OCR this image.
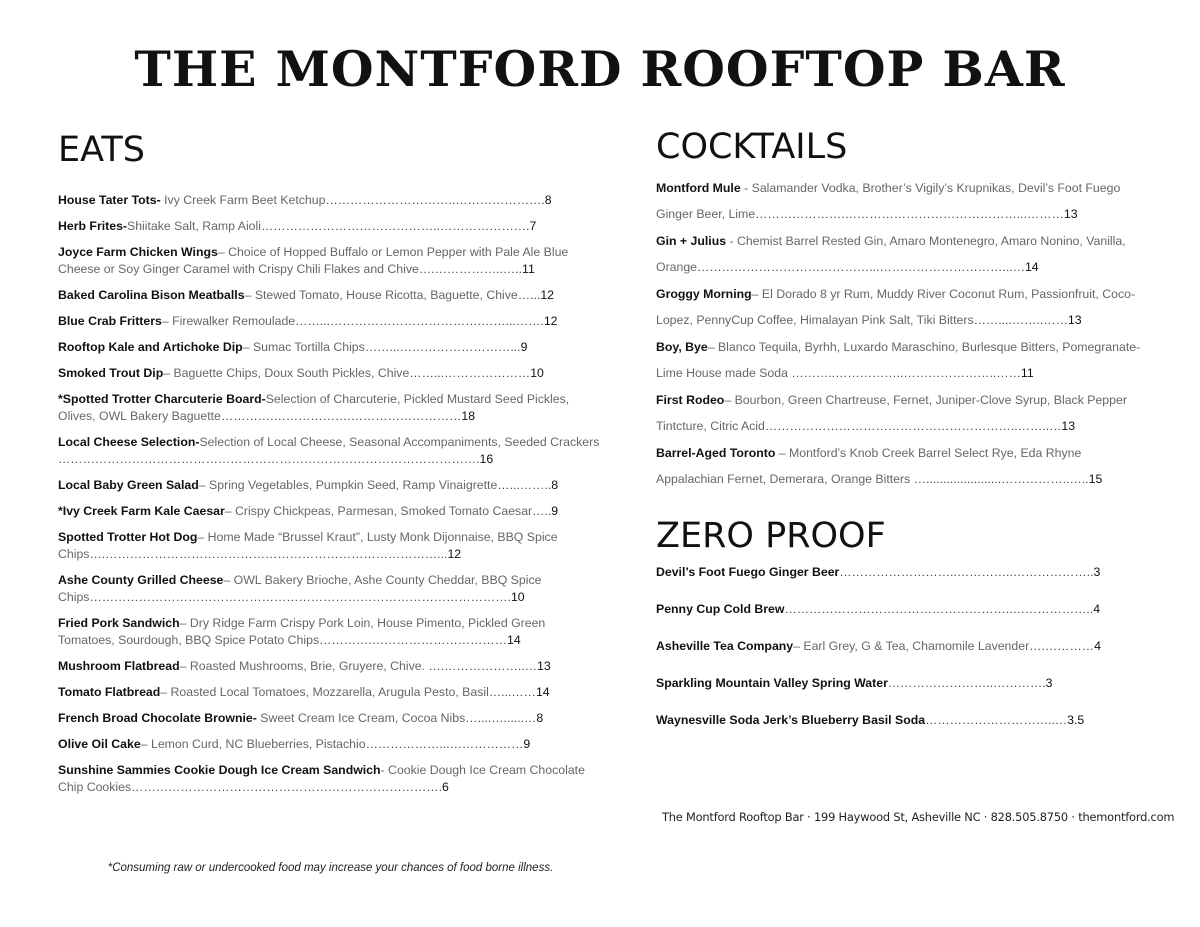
THE MONTFORD ROOFTOP BAR
EATS
House Tater Tots- Ivy Creek Farm Beet Ketchup…………………………..………………….8
Herb Frites-Shiitake Salt, Ramp Aioli……………………………………..………………….7
Joyce Farm Chicken Wings– Choice of Hopped Buffalo or Lemon Pepper with Pale Ale Blue Cheese or Soy Ginger Caramel with Crispy Chili Flakes and Chive….……………..…..11
Baked Carolina Bison Meatballs– Stewed Tomato, House Ricotta, Baguette, Chive…...12
Blue Crab Fritters– Firewalker Remoulade……...……………………………….……...…….12
Rooftop Kale and Artichoke Dip– Sumac Tortilla Chips……...………………………...9
Smoked Trout Dip– Baguette Chips, Doux South Pickles, Chive……...…………………10
*Spotted Trotter Charcuterie Board-Selection of Charcuterie, Pickled Mustard Seed Pickles, Olives, OWL Bakery Baguette………….……………….………………………18
Local Cheese Selection-Selection of Local Cheese, Seasonal Accompaniments, Seeded Crackers ………………………………………………………………………………………….16
Local Baby Green Salad– Spring Vegetables, Pumpkin Seed, Ramp Vinaigrette…...……..8
*Ivy Creek Farm Kale Caesar– Crispy Chickpeas, Parmesan, Smoked Tomato Caesar…..9
Spotted Trotter Hot Dog– Home Made “Brussel Kraut”, Lusty Monk Dijonnaise, BBQ Spice Chips….………………………………………………………………………...12
Ashe County Grilled Cheese– OWL Bakery Brioche, Ashe County Cheddar, BBQ Spice Chips………………………………………………………………………………………….10
Fried Pork Sandwich– Dry Ridge Farm Crispy Pork Loin, House Pimento, Pickled Green Tomatoes, Sourdough, BBQ Spice Potato Chips………….……………………………14
Mushroom Flatbread– Roasted Mushrooms, Brie, Gruyere, Chive. ….………………..…13
Tomato Flatbread– Roasted Local Tomatoes, Mozzarella, Arugula Pesto, Basil…...……14
French Broad Chocolate Brownie- Sweet Cream Ice Cream, Cocoa Nibs…....…......…8
Olive Oil Cake– Lemon Curd, NC Blueberries, Pistachio………………...………………9
Sunshine Sammies Cookie Dough Ice Cream Sandwich- Cookie Dough Ice Cream Chocolate Chip Cookies………………………………………………………………….6
COCKTAILS
Montford Mule - Salamander Vodka, Brother’s Vigily’s Krupnikas, Devil’s Foot Fuego Ginger Beer, Lime………………….……………………………………...………13
Gin + Julius - Chemist Barrel Rested Gin, Amaro Montenegro, Amaro Nonino, Vanilla, Orange……………………………………...…………………………...…14
Groggy Morning– El Dorado 8 yr Rum, Muddy River Coconut Rum, Passionfruit, Coco-Lopez, PennyCup Coffee, Himalayan Pink Salt, Tiki Bitters……....……..……13
Boy, Bye– Blanco Tequila, Byrhh, Luxardo Maraschino, Burlesque Bitters, Pomegranate-Lime House made Soda ………..……………..…………………..……11
First Rodeo– Bourbon, Green Chartreuse, Fernet, Juniper-Clove Syrup, Black Pepper Tintcture, Citric Acid……………………………………………………..……..…13
Barrel-Aged Toronto – Montford’s Knob Creek Barrel Select Rye, Eda Rhyne Appalachian Fernet, Demerara, Orange Bitters …......................……………..…..15
ZERO PROOF
Devil’s Foot Fuego Ginger Beer………………………..…………..………………..3
Penny Cup Cold Brew………………………………………………..………………..4
Asheville Tea Company– Earl Grey, G & Tea, Chamomile Lavender….…………4
Sparkling Mountain Valley Spring Water……………………..………….3
Waynesville Soda Jerk’s Blueberry Basil Soda…………………………..…3.5
The Montford Rooftop Bar · 199 Haywood St, Asheville NC · 828.505.8750 · themontford.com
*Consuming raw or undercooked food may increase your chances of food borne illness.
